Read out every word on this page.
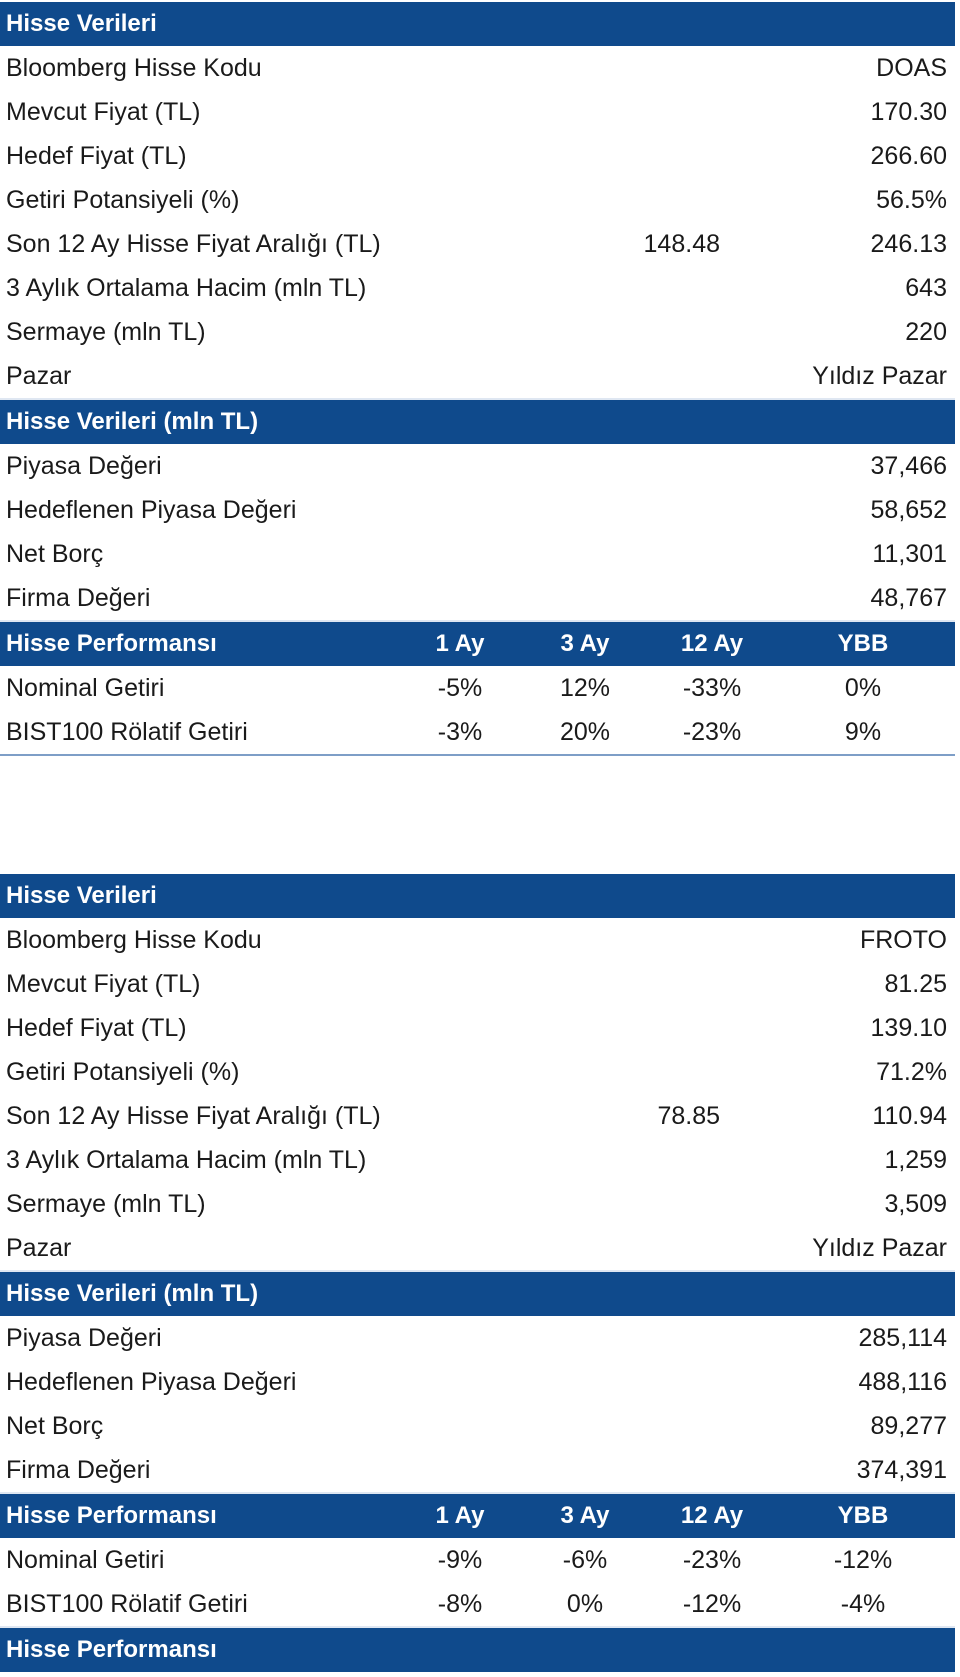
Hisse Verileri
Bloomberg Hisse Kodu	DOAS
Mevcut Fiyat (TL)	170.30
Hedef Fiyat (TL)	266.60
Getiri Potansiyeli (%)	56.5%
Son 12 Ay Hisse Fiyat Aralığı (TL)	148.48	246.13
3 Aylık Ortalama Hacim (mln TL)	643
Sermaye (mln TL)	220
Pazar	Yıldız Pazar
Hisse Verileri (mln TL)
Piyasa Değeri	37,466
Hedeflenen Piyasa Değeri	58,652
Net Borç	11,301
Firma Değeri	48,767
Hisse Performansı	1 Ay	3 Ay	12 Ay	YBB
Nominal Getiri	-5%	12%	-33%	0%
BIST100 Rölatif Getiri	-3%	20%	-23%	9%
Hisse Verileri
Bloomberg Hisse Kodu	FROTO
Mevcut Fiyat (TL)	81.25
Hedef Fiyat (TL)	139.10
Getiri Potansiyeli (%)	71.2%
Son 12 Ay Hisse Fiyat Aralığı (TL)	78.85	110.94
3 Aylık Ortalama Hacim (mln TL)	1,259
Sermaye (mln TL)	3,509
Pazar	Yıldız Pazar
Hisse Verileri (mln TL)
Piyasa Değeri	285,114
Hedeflenen Piyasa Değeri	488,116
Net Borç	89,277
Firma Değeri	374,391
Hisse Performansı	1 Ay	3 Ay	12 Ay	YBB
Nominal Getiri	-9%	-6%	-23%	-12%
BIST100 Rölatif Getiri	-8%	0%	-12%	-4%
Hisse Performansı
